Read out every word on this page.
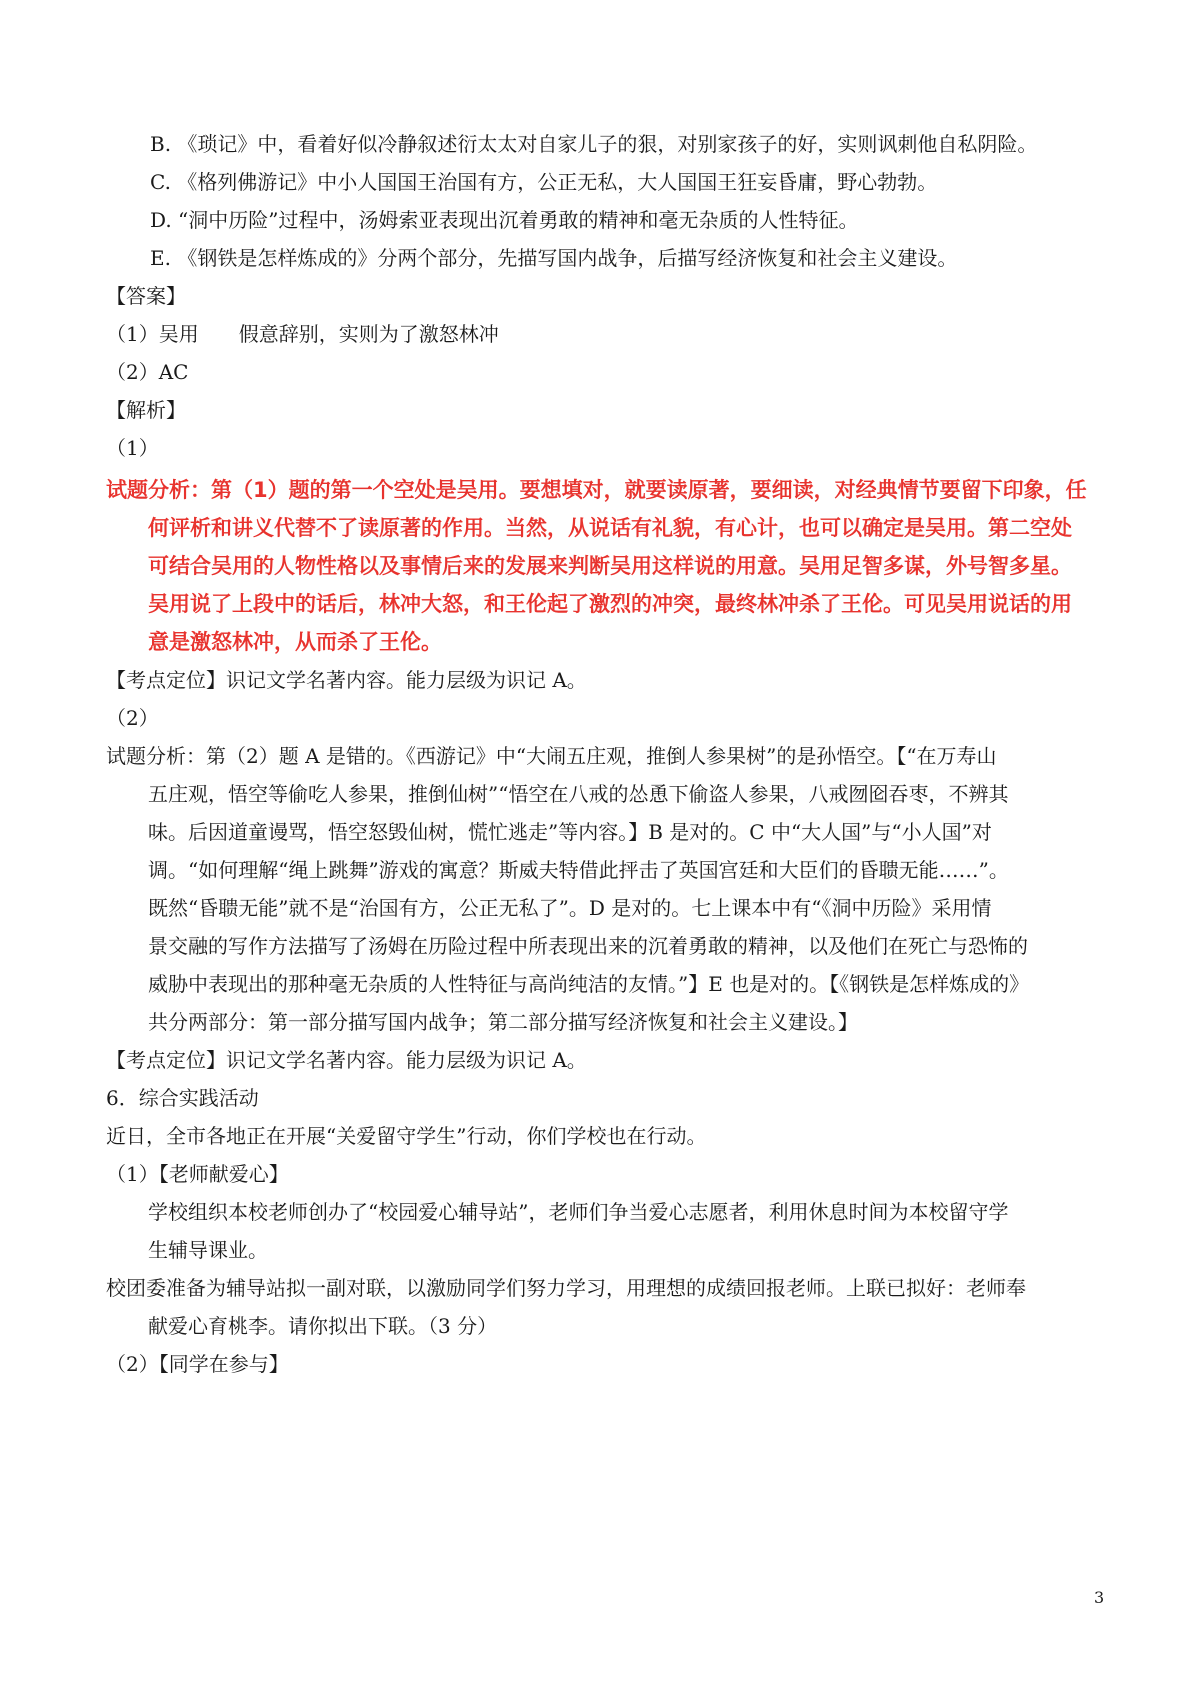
B. 《琐记》中，看着好似冷静叙述衍太太对自家儿子的狠，对别家孩子的好，实则讽刺他自私阴险。
C. 《格列佛游记》中小人国国王治国有方，公正无私，大人国国王狂妄昏庸，野心勃勃。
D. “洞中历险”过程中，汤姆索亚表现出沉着勇敢的精神和毫无杂质的人性特征。
E. 《钢铁是怎样炼成的》分两个部分，先描写国内战争，后描写经济恢复和社会主义建设。
【答案】
（1）吴用　　假意辞别，实则为了激怒林冲
（2）AC
【解析】
（1）
试题分析：第（1）题的第一个空处是吴用。要想填对，就要读原著，要细读，对经典情节要留下印象，任
何评析和讲义代替不了读原著的作用。当然，从说话有礼貌，有心计，也可以确定是吴用。第二空处
可结合吴用的人物性格以及事情后来的发展来判断吴用这样说的用意。吴用足智多谋，外号智多星。
吴用说了上段中的话后，林冲大怒，和王伦起了激烈的冲突，最终林冲杀了王伦。可见吴用说话的用
意是激怒林冲，从而杀了王伦。
【考点定位】识记文学名著内容。能力层级为识记 A。
（2）
试题分析：第（2）题 A 是错的。《西游记》中“大闹五庄观，推倒人参果树”的是孙悟空。【“在万寿山
五庄观，悟空等偷吃人参果，推倒仙树”“悟空在八戒的怂恿下偷盗人参果，八戒囫囵吞枣，不辨其
味。后因道童谩骂，悟空怒毁仙树，慌忙逃走”等内容。】B 是对的。C 中“大人国”与“小人国”对
调。“如何理解“绳上跳舞”游戏的寓意？斯威夫特借此抨击了英国宫廷和大臣们的昏聩无能……”。
既然“昏聩无能”就不是“治国有方，公正无私了”。D 是对的。七上课本中有“《洞中历险》采用情
景交融的写作方法描写了汤姆在历险过程中所表现出来的沉着勇敢的精神，以及他们在死亡与恐怖的
威胁中表现出的那种毫无杂质的人性特征与高尚纯洁的友情。”】E 也是对的。【《钢铁是怎样炼成的》
共分两部分：第一部分描写国内战争；第二部分描写经济恢复和社会主义建设。】
【考点定位】识记文学名著内容。能力层级为识记 A。
6．综合实践活动
近日，全市各地正在开展“关爱留守学生”行动，你们学校也在行动。
（1）【老师献爱心】
学校组织本校老师创办了“校园爱心辅导站”，老师们争当爱心志愿者，利用休息时间为本校留守学
生辅导课业。
校团委准备为辅导站拟一副对联，以激励同学们努力学习，用理想的成绩回报老师。上联已拟好：老师奉
献爱心育桃李。请你拟出下联。（3 分）
（2）【同学在参与】
3
